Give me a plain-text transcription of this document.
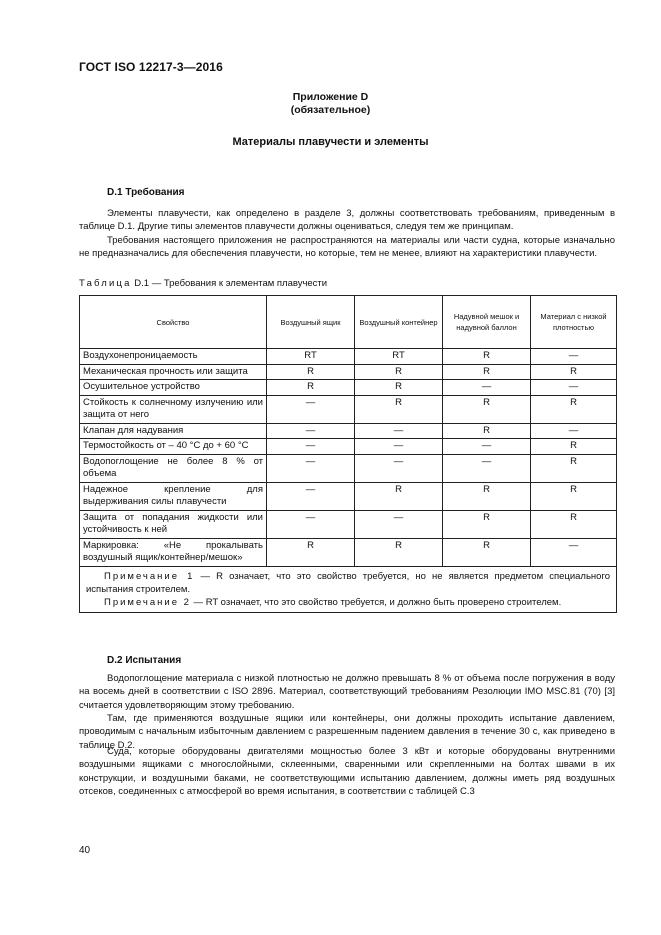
ГОСТ ISO 12217-3—2016
Приложение D
(обязательное)
Материалы плавучести и элементы
D.1 Требования

Элементы плавучести, как определено в разделе 3, должны соответствовать требованиям, приведенным в таблице D.1. Другие типы элементов плавучести должны оцениваться, следуя тем же принципам.

Требования настоящего приложения не распространяются на материалы или части судна, которые изначально не предназначались для обеспечения плавучести, но которые, тем не менее, влияют на характеристики плавучести.

Таблица D.1 — Требования к элементам плавучести
Свойство	Воздушный ящик	Воздушный контейнер	Надувной мешок и надувной баллон	Материал с низкой плотностью
Воздухонепроницаемость	RT	RT	R	—
Механическая прочность или защита	R	R	R	R
Осушительное устройство	R	R	—	—
Стойкость к солнечному излучению или защита от него	—	R	R	R
Клапан для надувания	—	—	R	—
Термостойкость от – 40 °С до + 60 °С	—	—	—	R
Водопоглощение не более 8 % от объема	—	—	—	R
Надежное крепление для выдерживания силы плавучести	—	R	R	R
Защита от попадания жидкости или устойчивость к ней	—	—	R	R
Маркировка: «Не прокалывать воздушный ящик/контейнер/мешок»	R	R	R	—

Примечание 1 — R означает, что это свойство требуется, но не является предметом специального испытания строителем.
Примечание 2 — RT означает, что это свойство требуется, и должно быть проверено строителем.				
D.2 Испытания

Водопоглощение материала с низкой плотностью не должно превышать 8 % от объема после погружения в воду на восемь дней в соответствии с ISO 2896. Материал, соответствующий требованиям Резолюции IMO MSC.81 (70) [3] считается удовлетворяющим этому требованию.

Там, где применяются воздушные ящики или контейнеры, они должны проходить испытание давлением, проводимым с начальным избыточным давлением с разрешенным падением давления в течение 30 с, как приведено в таблице D.2.

Суда, которые оборудованы двигателями мощностью более 3 кВт и которые оборудованы внутренними воздушными ящиками с многослойными, склеенными, сваренными или скрепленными на болтах швами в их конструкции, и воздушными баками, не соответствующими испытанию давлением, должны иметь ряд воздушных отсеков, соединенных с атмосферой во время испытания, в соответствии с таблицей С.3

40
